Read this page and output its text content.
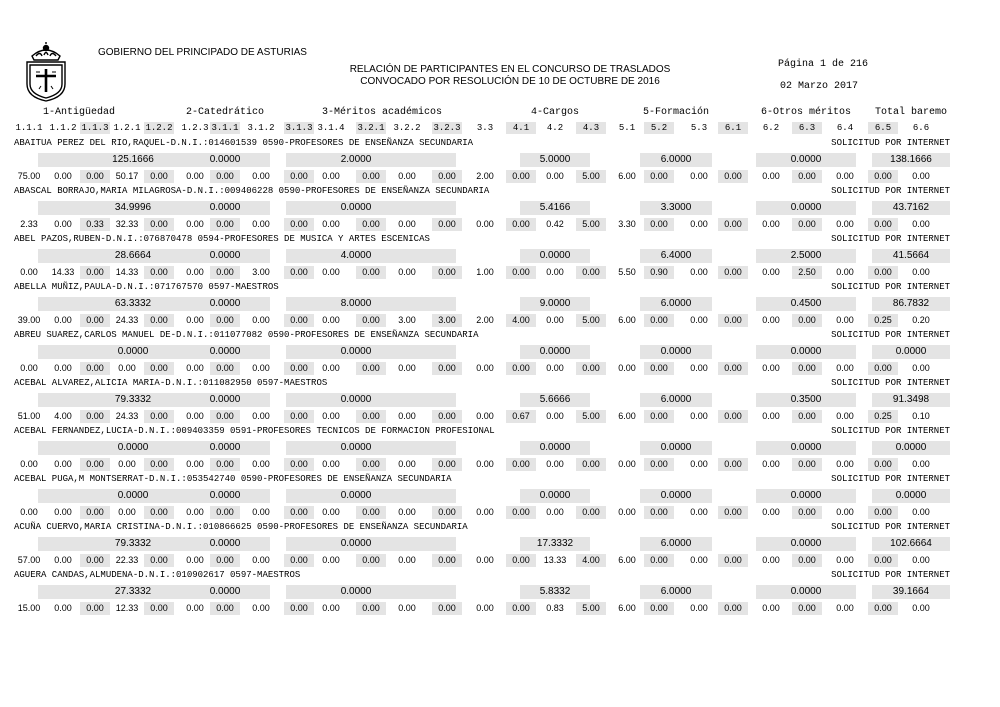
GOBIERNO DEL PRINCIPADO DE ASTURIAS
RELACIÓN DE PARTICIPANTES EN EL CONCURSO DE TRASLADOS
CONVOCADO POR RESOLUCIÓN DE 10 DE OCTUBRE DE 2016
Página 1 de 216
02 Marzo 2017
1-Antigüedad	2-Catedrático	3-Méritos académicos	4-Cargos	5-Formación	6-Otros méritos	Total baremo
1.1.1 1.1.2 1.1.3 1.2.1 1.2.2 1.2.3 3.1.1 3.1.2 3.1.3 3.1.4 3.2.1 3.2.2 3.2.3	3.3	4.1	4.2	4.3	5.1	5.2	5.3	6.1	6.2	6.3	6.4	6.5	6.6
ABAITUA PEREZ DEL RIO,RAQUEL-D.N.I.:014601539 0590-PROFESORES DE ENSEÑANZA SECUNDARIA	SOLICITUD POR INTERNET
125.1666	0.0000	2.0000	5.0000	6.0000	0.0000	138.1666
75.00	0.00	0.00	50.17	0.00	0.00	0.00	0.00	0.00	0.00	0.00	0.00	0.00	2.00	0.00	0.00	5.00	6.00	0.00	0.00	0.00	0.00	0.00	0.00	0.00	0.00
ABASCAL BORRAJO,MARIA MILAGROSA-D.N.I.:009406228 0590-PROFESORES DE ENSEÑANZA SECUNDARIA	SOLICITUD POR INTERNET
34.9996	0.0000	0.0000	5.4166	3.3000	0.0000	43.7162
2.33	0.00	0.33	32.33	0.00	0.00	0.00	0.00	0.00	0.00	0.00	0.00	0.00	0.00	0.00	0.42	5.00	3.30	0.00	0.00	0.00	0.00	0.00	0.00	0.00	0.00
ABEL PAZOS,RUBEN-D.N.I.:076870478 0594-PROFESORES DE MUSICA Y ARTES ESCENICAS	SOLICITUD POR INTERNET
28.6664	0.0000	4.0000	0.0000	6.4000	2.5000	41.5664
0.00	14.33	0.00	14.33	0.00	0.00	0.00	3.00	0.00	0.00	0.00	0.00	0.00	1.00	0.00	0.00	0.00	5.50	0.90	0.00	0.00	0.00	2.50	0.00	0.00	0.00
ABELLA MUÑIZ,PAULA-D.N.I.:071767570 0597-MAESTROS	SOLICITUD POR INTERNET
63.3332	0.0000	8.0000	9.0000	6.0000	0.4500	86.7832
39.00	0.00	0.00	24.33	0.00	0.00	0.00	0.00	0.00	0.00	0.00	3.00	3.00	2.00	4.00	0.00	5.00	6.00	0.00	0.00	0.00	0.00	0.00	0.00	0.25	0.20
ABREU SUAREZ,CARLOS MANUEL DE-D.N.I.:011077082 0590-PROFESORES DE ENSEÑANZA SECUNDARIA	SOLICITUD POR INTERNET
0.0000	0.0000	0.0000	0.0000	0.0000	0.0000	0.0000
0.00	0.00	0.00	0.00	0.00	0.00	0.00	0.00	0.00	0.00	0.00	0.00	0.00	0.00	0.00	0.00	0.00	0.00	0.00	0.00	0.00	0.00	0.00	0.00	0.00	0.00
ACEBAL ALVAREZ,ALICIA MARIA-D.N.I.:011082950 0597-MAESTROS	SOLICITUD POR INTERNET
79.3332	0.0000	0.0000	5.6666	6.0000	0.3500	91.3498
51.00	4.00	0.00	24.33	0.00	0.00	0.00	0.00	0.00	0.00	0.00	0.00	0.00	0.00	0.67	0.00	5.00	6.00	0.00	0.00	0.00	0.00	0.00	0.00	0.25	0.10
ACEBAL FERNANDEZ,LUCIA-D.N.I.:009403359 0591-PROFESORES TECNICOS DE FORMACION PROFESIONAL	SOLICITUD POR INTERNET
0.0000	0.0000	0.0000	0.0000	0.0000	0.0000	0.0000
0.00	0.00	0.00	0.00	0.00	0.00	0.00	0.00	0.00	0.00	0.00	0.00	0.00	0.00	0.00	0.00	0.00	0.00	0.00	0.00	0.00	0.00	0.00	0.00	0.00	0.00
ACEBAL PUGA,M MONTSERRAT-D.N.I.:053542740 0590-PROFESORES DE ENSEÑANZA SECUNDARIA	SOLICITUD POR INTERNET
0.0000	0.0000	0.0000	0.0000	0.0000	0.0000	0.0000
0.00	0.00	0.00	0.00	0.00	0.00	0.00	0.00	0.00	0.00	0.00	0.00	0.00	0.00	0.00	0.00	0.00	0.00	0.00	0.00	0.00	0.00	0.00	0.00	0.00	0.00
ACUÑA CUERVO,MARIA CRISTINA-D.N.I.:010866625 0590-PROFESORES DE ENSEÑANZA SECUNDARIA	SOLICITUD POR INTERNET
79.3332	0.0000	0.0000	17.3332	6.0000	0.0000	102.6664
57.00	0.00	0.00	22.33	0.00	0.00	0.00	0.00	0.00	0.00	0.00	0.00	0.00	0.00	0.00	13.33	4.00	6.00	0.00	0.00	0.00	0.00	0.00	0.00	0.00	0.00
AGUERA CANDAS,ALMUDENA-D.N.I.:010902617 0597-MAESTROS	SOLICITUD POR INTERNET
27.3332	0.0000	0.0000	5.8332	6.0000	0.0000	39.1664
15.00	0.00	0.00	12.33	0.00	0.00	0.00	0.00	0.00	0.00	0.00	0.00	0.00	0.00	0.00	0.83	5.00	6.00	0.00	0.00	0.00	0.00	0.00	0.00	0.00	0.00
